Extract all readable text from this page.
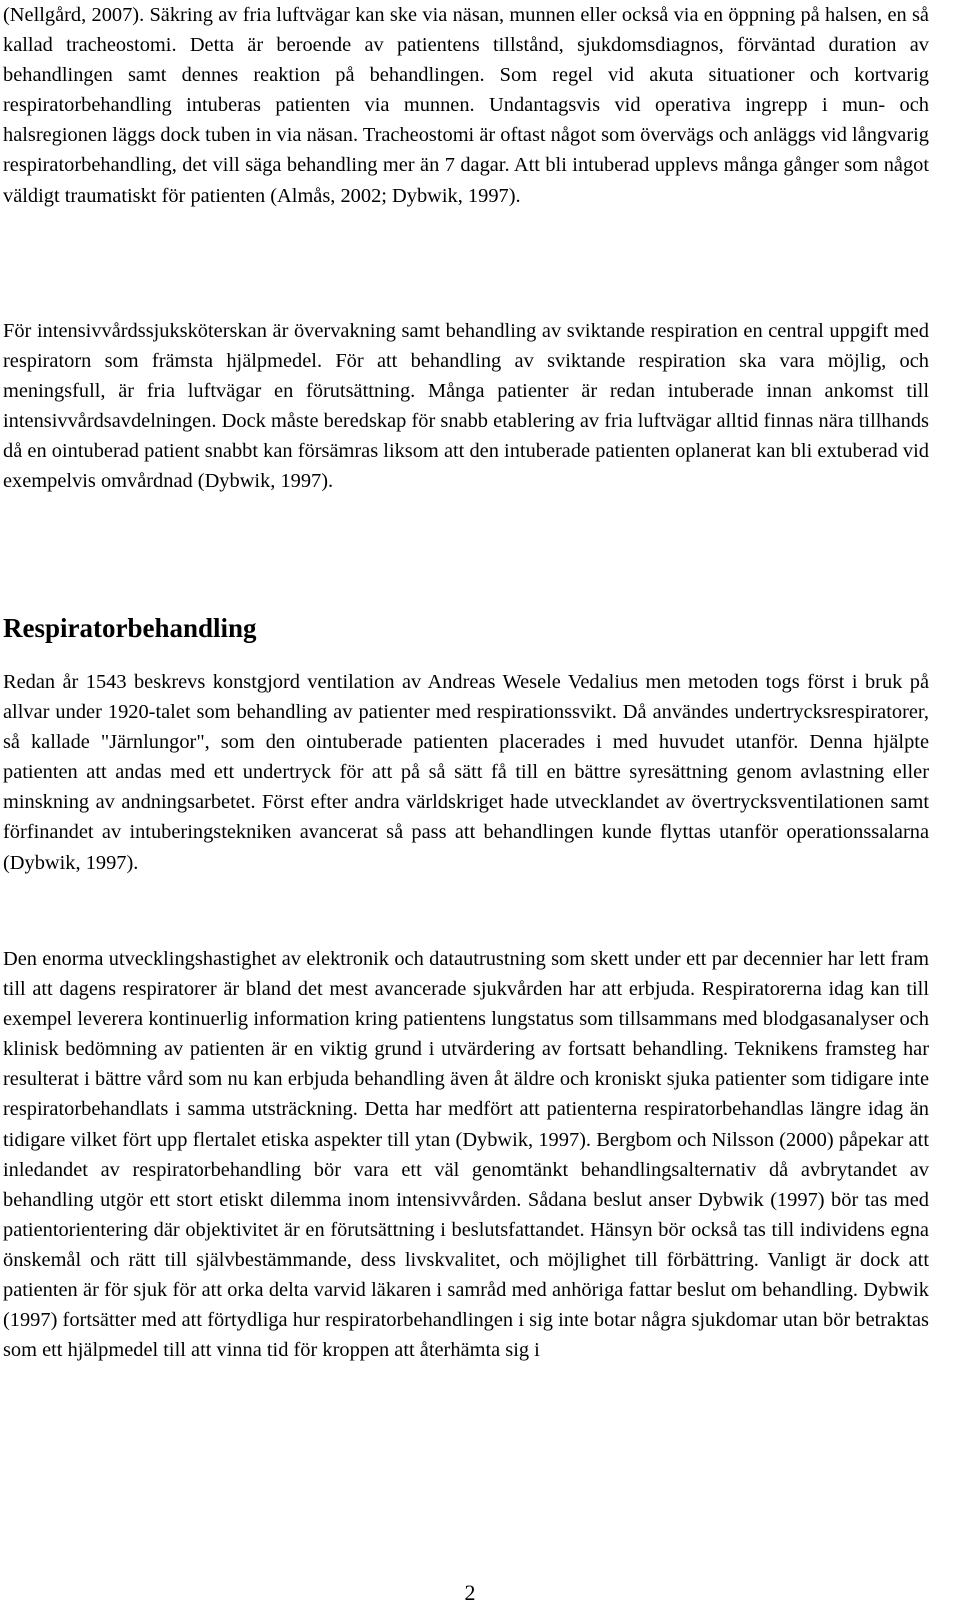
(Nellgård, 2007). Säkring av fria luftvägar kan ske via näsan, munnen eller också via en öppning på halsen, en så kallad tracheostomi. Detta är beroende av patientens tillstånd, sjukdomsdiagnos, förväntad duration av behandlingen samt dennes reaktion på behandlingen. Som regel vid akuta situationer och kortvarig respiratorbehandling intuberas patienten via munnen. Undantagsvis vid operativa ingrepp i mun- och halsregionen läggs dock tuben in via näsan. Tracheostomi är oftast något som övervägs och anläggs vid långvarig respiratorbehandling, det vill säga behandling mer än 7 dagar. Att bli intuberad upplevs många gånger som något väldigt traumatiskt för patienten (Almås, 2002; Dybwik, 1997).

För intensivvårdssjuksköterskan är övervakning samt behandling av sviktande respiration en central uppgift med respiratorn som främsta hjälpmedel. För att behandling av sviktande respiration ska vara möjlig, och meningsfull, är fria luftvägar en förutsättning. Många patienter är redan intuberade innan ankomst till intensivvårdsavdelningen. Dock måste beredskap för snabb etablering av fria luftvägar alltid finnas nära tillhands då en ointuberad patient snabbt kan försämras liksom att den intuberade patienten oplanerat kan bli extuberad vid exempelvis omvårdnad (Dybwik, 1997).

Respiratorbehandling

Redan år 1543 beskrevs konstgjord ventilation av Andreas Wesele Vedalius men metoden togs först i bruk på allvar under 1920-talet som behandling av patienter med respirationssvikt. Då användes undertrycksrespiratorer, så kallade "Järnlungor", som den ointuberade patienten placerades i med huvudet utanför. Denna hjälpte patienten att andas med ett undertryck för att på så sätt få till en bättre syresättning genom avlastning eller minskning av andningsarbetet. Först efter andra världskriget hade utvecklandet av övertrycksventilationen samt förfinandet av intuberingstekniken avancerat så pass att behandlingen kunde flyttas utanför operationssalarna (Dybwik, 1997).

Den enorma utvecklingshastighet av elektronik och datautrustning som skett under ett par decennier har lett fram till att dagens respiratorer är bland det mest avancerade sjukvården har att erbjuda. Respiratorerna idag kan till exempel leverera kontinuerlig information kring patientens lungstatus som tillsammans med blodgasanalyser och klinisk bedömning av patienten är en viktig grund i utvärdering av fortsatt behandling. Teknikens framsteg har resulterat i bättre vård som nu kan erbjuda behandling även åt äldre och kroniskt sjuka patienter som tidigare inte respiratorbehandlats i samma utsträckning. Detta har medfört att patienterna respiratorbehandlas längre idag än tidigare vilket fört upp flertalet etiska aspekter till ytan (Dybwik, 1997). Bergbom och Nilsson (2000) påpekar att inledandet av respiratorbehandling bör vara ett väl genomtänkt behandlingsalternativ då avbrytandet av behandling utgör ett stort etiskt dilemma inom intensivvården. Sådana beslut anser Dybwik (1997) bör tas med patientorientering där objektivitet är en förutsättning i beslutsfattandet. Hänsyn bör också tas till individens egna önskemål och rätt till självbestämmande, dess livskvalitet, och möjlighet till förbättring. Vanligt är dock att patienten är för sjuk för att orka delta varvid läkaren i samråd med anhöriga fattar beslut om behandling. Dybwik (1997) fortsätter med att förtydliga hur respiratorbehandlingen i sig inte botar några sjukdomar utan bör betraktas som ett hjälpmedel till att vinna tid för kroppen att återhämta sig i

2
